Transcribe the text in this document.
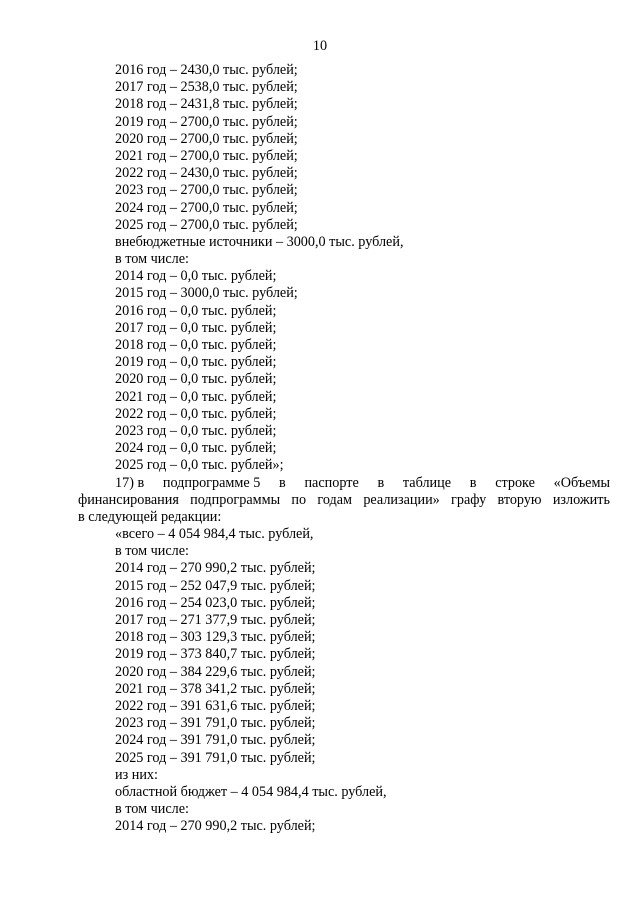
10
2016 год – 2430,0 тыс. рублей;
2017 год – 2538,0 тыс. рублей;
2018 год – 2431,8 тыс. рублей;
2019 год – 2700,0 тыс. рублей;
2020 год – 2700,0 тыс. рублей;
2021 год – 2700,0 тыс. рублей;
2022 год – 2430,0 тыс. рублей;
2023 год – 2700,0 тыс. рублей;
2024 год – 2700,0 тыс. рублей;
2025 год – 2700,0 тыс. рублей;
внебюджетные источники – 3000,0 тыс. рублей,
в том числе:
2014 год – 0,0 тыс. рублей;
2015 год – 3000,0 тыс. рублей;
2016 год – 0,0 тыс. рублей;
2017 год – 0,0 тыс. рублей;
2018 год – 0,0 тыс. рублей;
2019 год – 0,0 тыс. рублей;
2020 год – 0,0 тыс. рублей;
2021 год – 0,0 тыс. рублей;
2022 год – 0,0 тыс. рублей;
2023 год – 0,0 тыс. рублей;
2024 год – 0,0 тыс. рублей;
2025 год – 0,0 тыс. рублей»;
17) в подпрограмме 5 в паспорте в таблице в строке «Объемы
финансирования подпрограммы по годам реализации» графу вторую изложить
в следующей редакции:
«всего – 4 054 984,4 тыс. рублей,
в том числе:
2014 год – 270 990,2 тыс. рублей;
2015 год – 252 047,9 тыс. рублей;
2016 год – 254 023,0 тыс. рублей;
2017 год – 271 377,9 тыс. рублей;
2018 год – 303 129,3 тыс. рублей;
2019 год – 373 840,7 тыс. рублей;
2020 год – 384 229,6 тыс. рублей;
2021 год – 378 341,2 тыс. рублей;
2022 год – 391 631,6 тыс. рублей;
2023 год – 391 791,0 тыс. рублей;
2024 год – 391 791,0 тыс. рублей;
2025 год – 391 791,0 тыс. рублей;
из них:
областной бюджет – 4 054 984,4 тыс. рублей,
в том числе:
2014 год – 270 990,2 тыс. рублей;
